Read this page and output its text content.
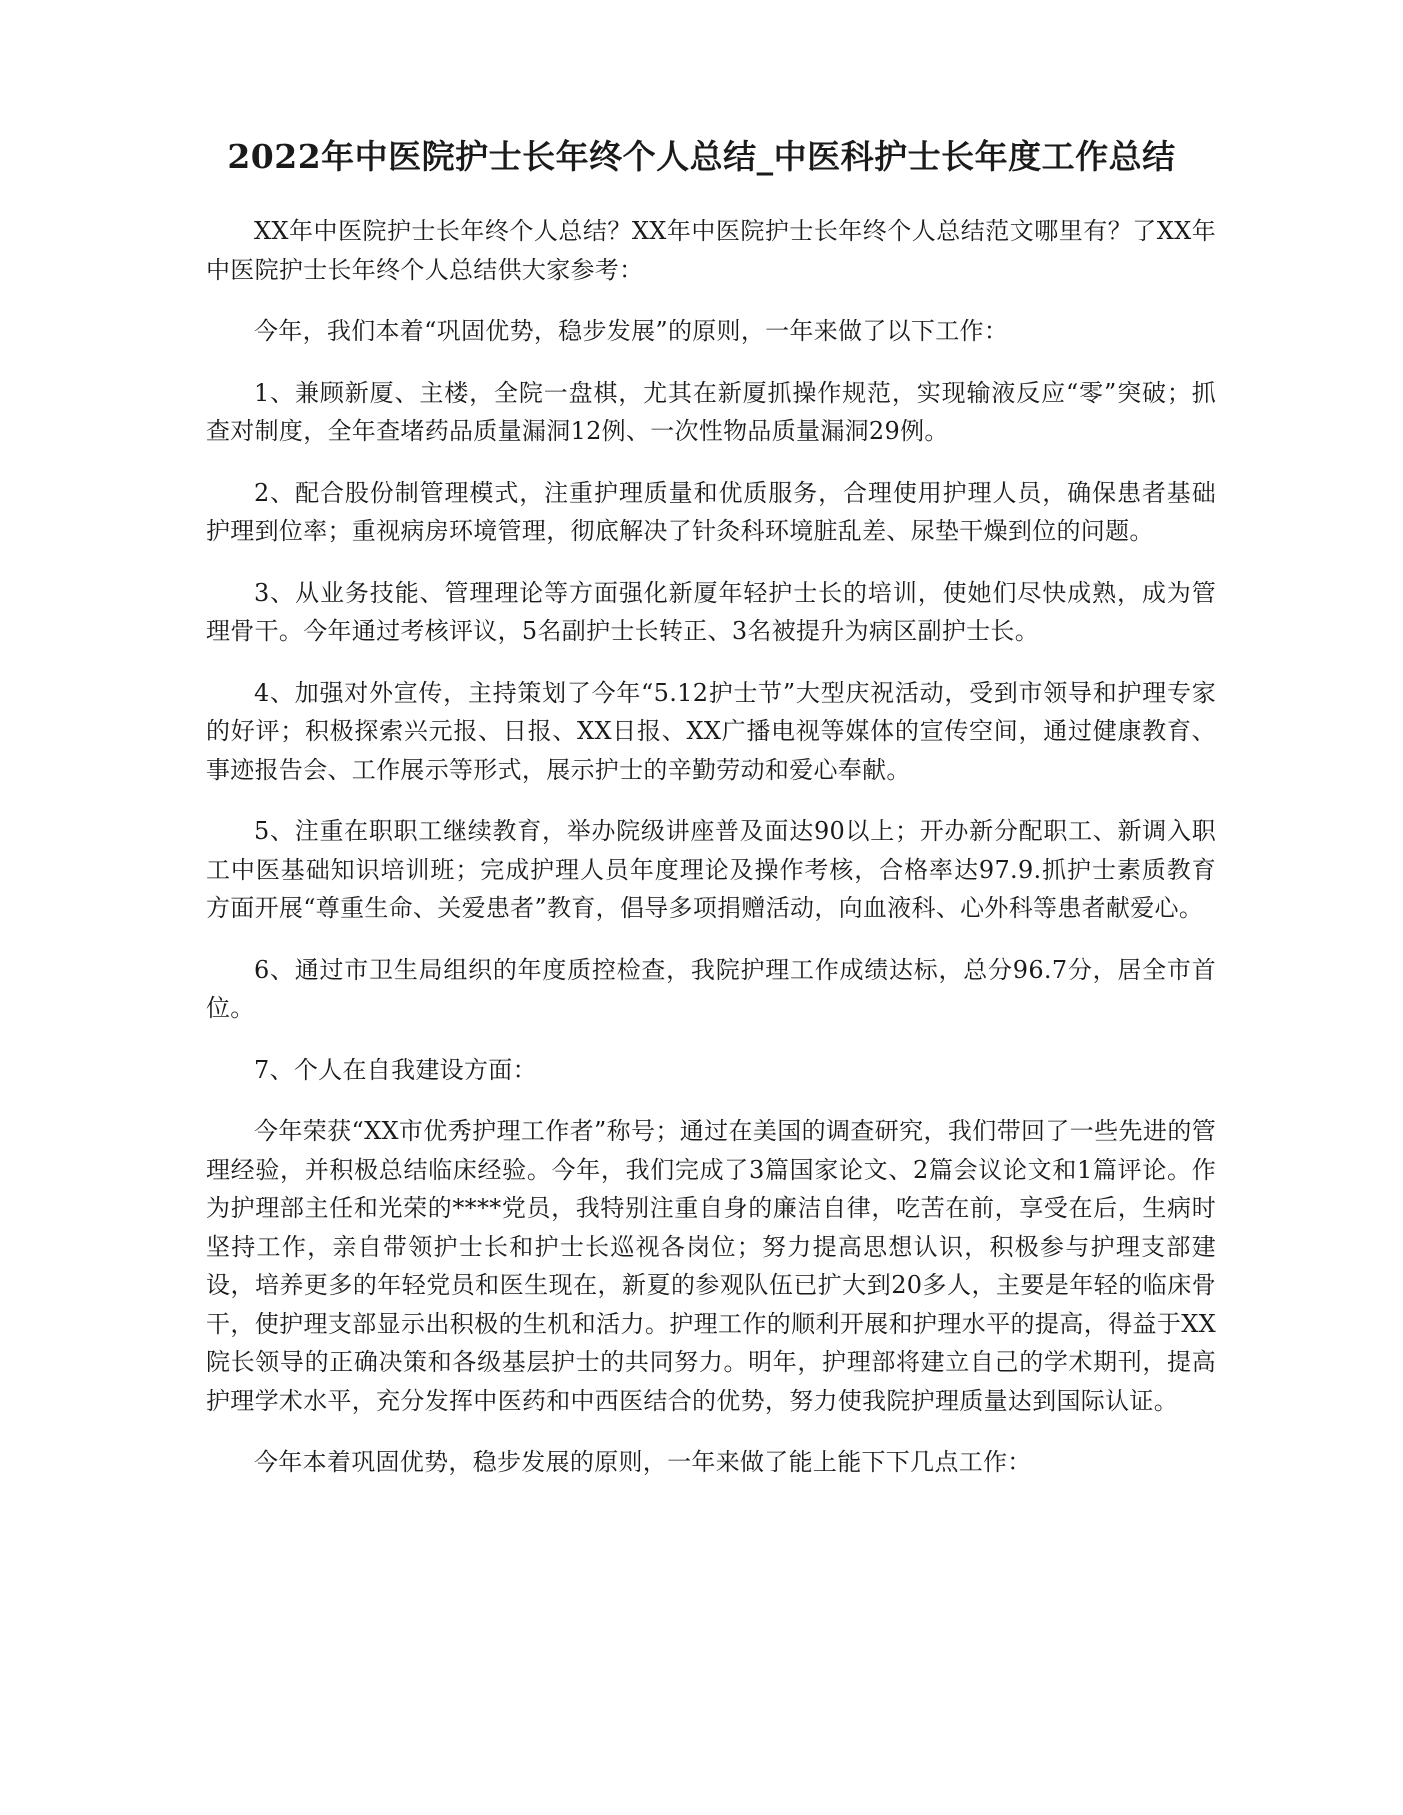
2022年中医院护士长年终个人总结_中医科护士长年度工作总结

XX年中医院护士长年终个人总结？XX年中医院护士长年终个人总结范文哪里有？了XX年中医院护士长年终个人总结供大家参考：

今年，我们本着“巩固优势，稳步发展”的原则，一年来做了以下工作：

1、兼顾新厦、主楼，全院一盘棋，尤其在新厦抓操作规范，实现输液反应“零”突破；抓查对制度，全年查堵药品质量漏洞12例、一次性物品质量漏洞29例。

2、配合股份制管理模式，注重护理质量和优质服务，合理使用护理人员，确保患者基础护理到位率；重视病房环境管理，彻底解决了针灸科环境脏乱差、尿垫干燥到位的问题。

3、从业务技能、管理理论等方面强化新厦年轻护士长的培训，使她们尽快成熟，成为管理骨干。今年通过考核评议，5名副护士长转正、3名被提升为病区副护士长。

4、加强对外宣传，主持策划了今年“5.12护士节”大型庆祝活动，受到市领导和护理专家的好评；积极探索兴元报、日报、XX日报、XX广播电视等媒体的宣传空间，通过健康教育、事迹报告会、工作展示等形式，展示护士的辛勤劳动和爱心奉献。

5、注重在职职工继续教育，举办院级讲座普及面达90以上；开办新分配职工、新调入职工中医基础知识培训班；完成护理人员年度理论及操作考核，合格率达97.9.抓护士素质教育方面开展“尊重生命、关爱患者”教育，倡导多项捐赠活动，向血液科、心外科等患者献爱心。

6、通过市卫生局组织的年度质控检查，我院护理工作成绩达标，总分96.7分，居全市首位。

7、个人在自我建设方面：

今年荣获“XX市优秀护理工作者”称号；通过在美国的调查研究，我们带回了一些先进的管理经验，并积极总结临床经验。今年，我们完成了3篇国家论文、2篇会议论文和1篇评论。作为护理部主任和光荣的****党员，我特别注重自身的廉洁自律，吃苦在前，享受在后，生病时坚持工作，亲自带领护士长和护士长巡视各岗位；努力提高思想认识，积极参与护理支部建设，培养更多的年轻党员和医生现在，新夏的参观队伍已扩大到20多人，主要是年轻的临床骨干，使护理支部显示出积极的生机和活力。护理工作的顺利开展和护理水平的提高，得益于XX院长领导的正确决策和各级基层护士的共同努力。明年，护理部将建立自己的学术期刊，提高护理学术水平，充分发挥中医药和中西医结合的优势，努力使我院护理质量达到国际认证。

今年本着巩固优势，稳步发展的原则，一年来做了能上能下下几点工作：
